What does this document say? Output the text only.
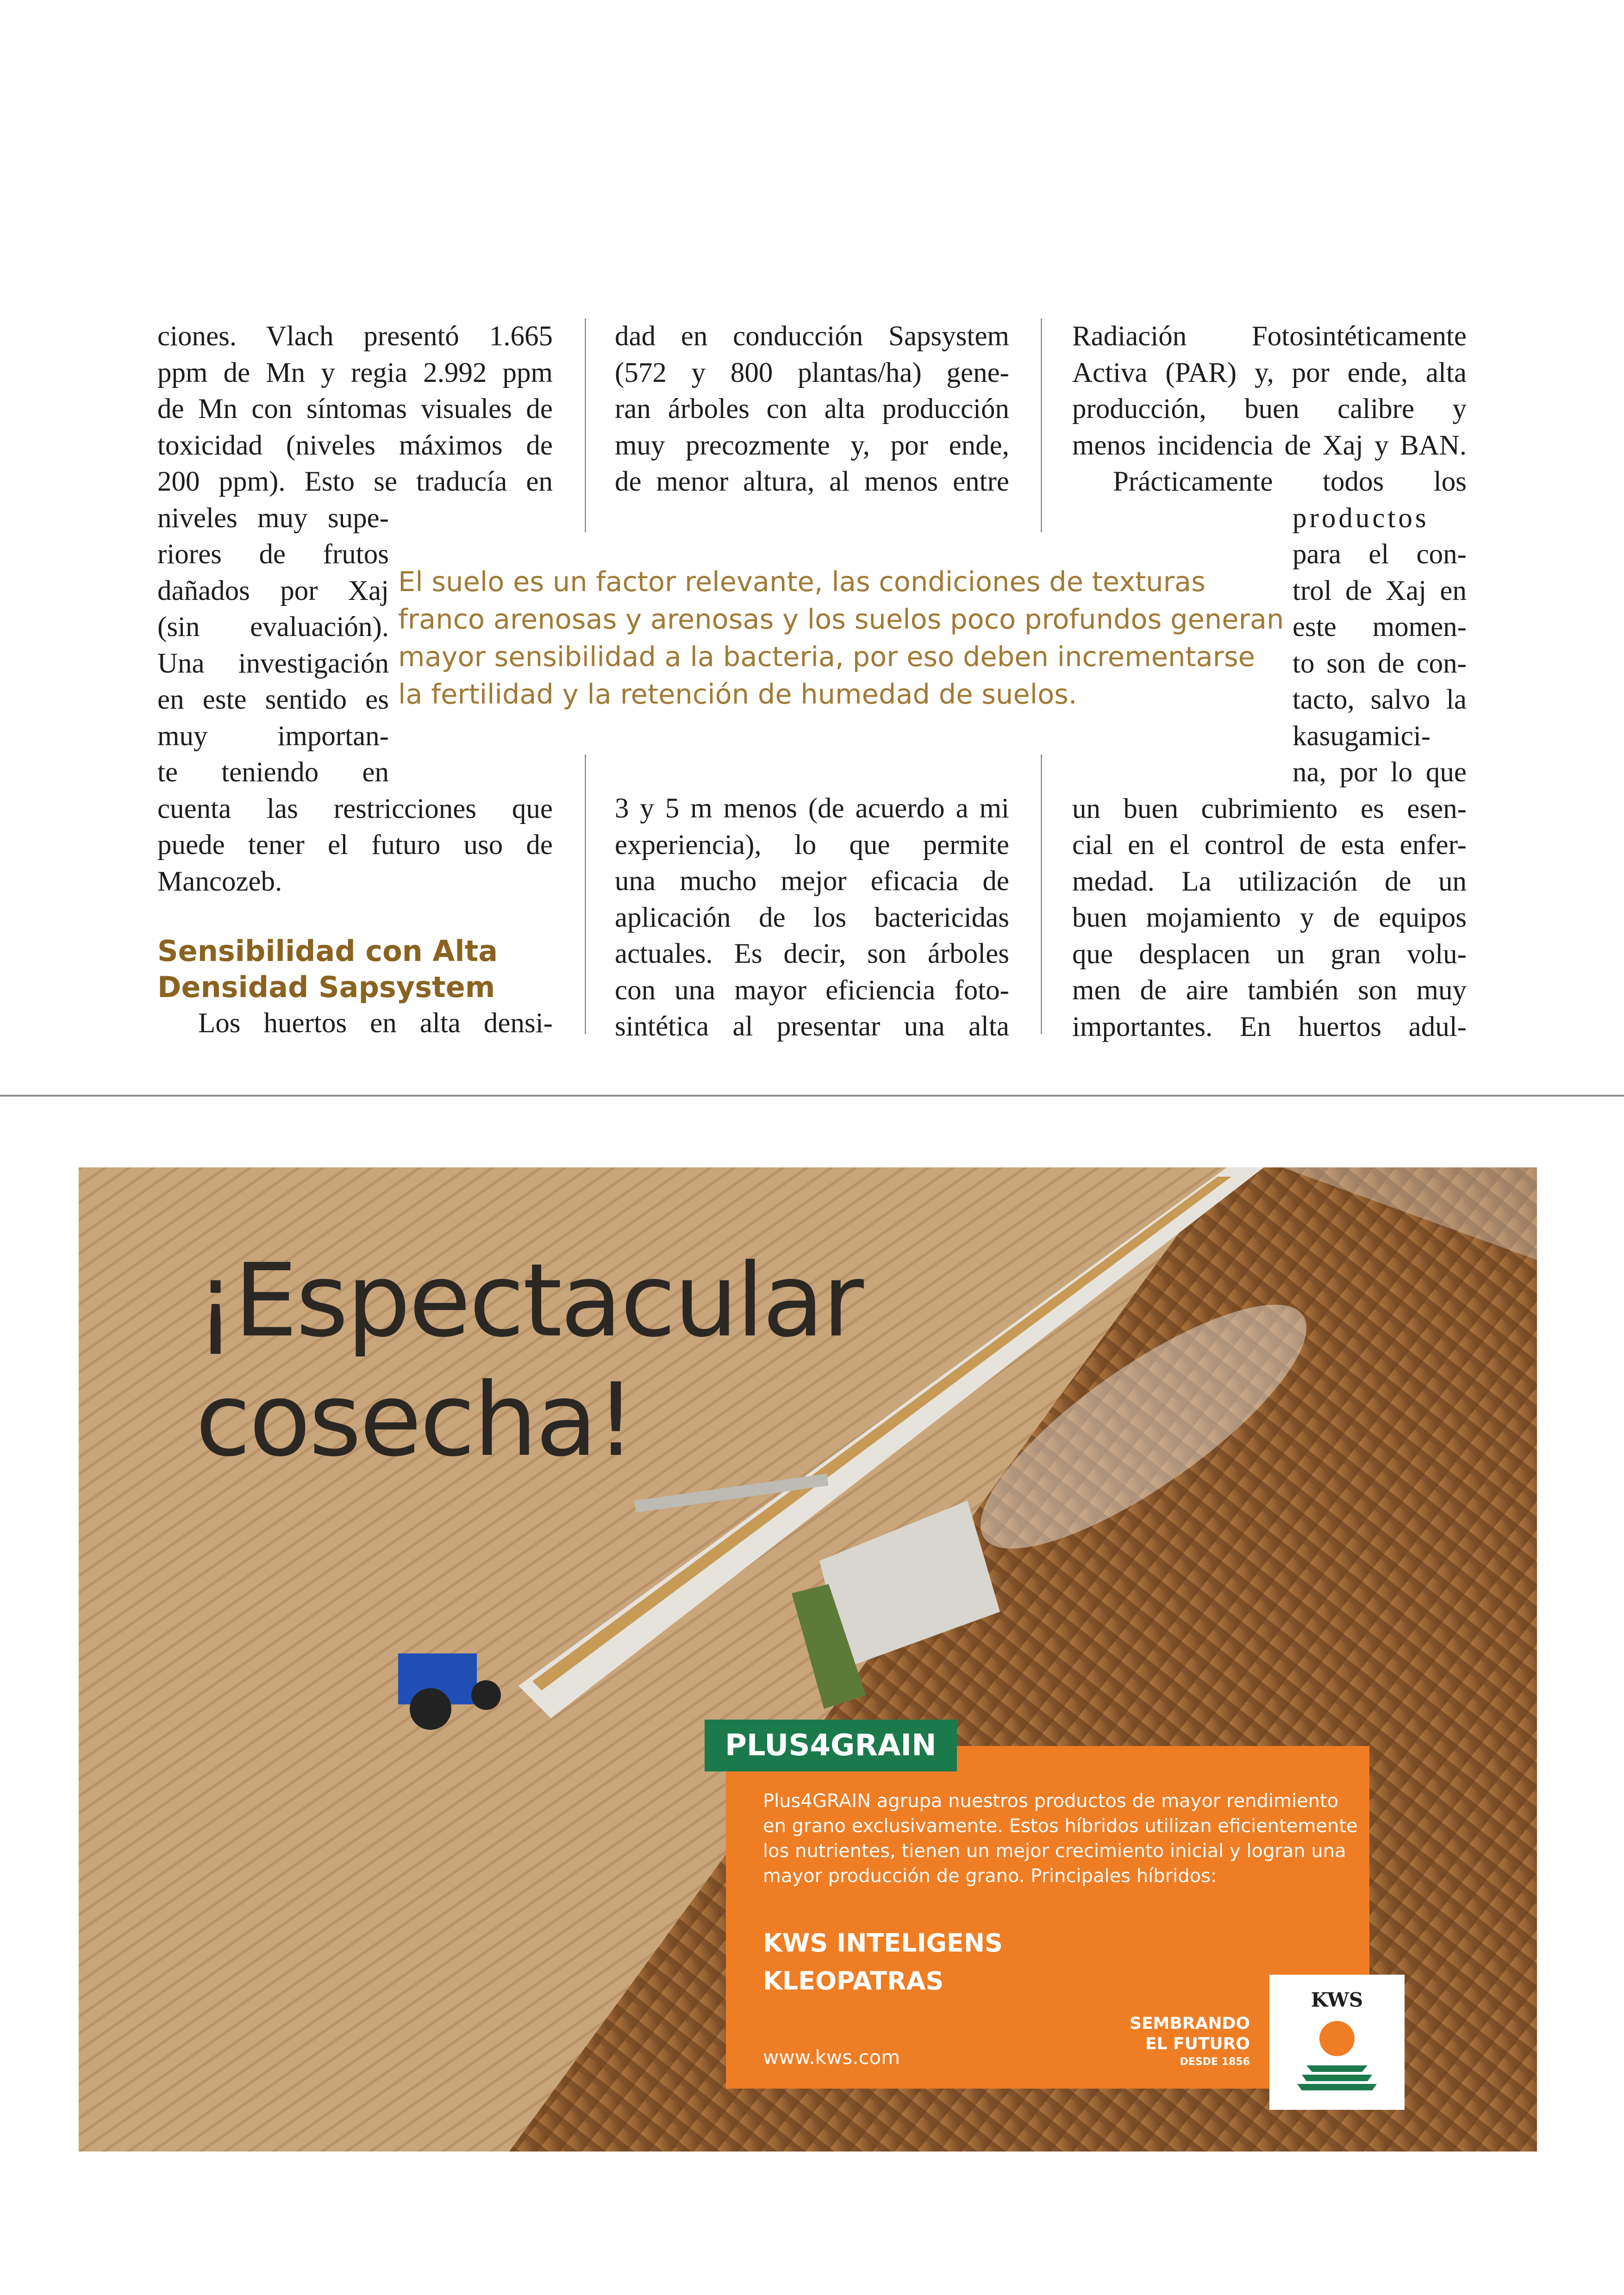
ciones. Vlach presentó 1.665
ppm de Mn y regia 2.992 ppm
de Mn con síntomas visuales de
toxicidad (niveles máximos de
200 ppm). Esto se traducía en
niveles muy supe-
riores de frutos
dañados por Xaj
(sin evaluación).
Una investigación
en este sentido es
muy importan-
te teniendo en
cuenta las restricciones que
puede tener el futuro uso de
Mancozeb.

Sensibilidad con Alta
Densidad Sapsystem

Los huertos en alta densi-
dad en conducción Sapsystem
(572 y 800 plantas/ha) gene-
ran árboles con alta producción
muy precozmente y, por ende,
de menor altura, al menos entre
3 y 5 m menos (de acuerdo a mi
experiencia), lo que permite
una mucho mejor eficacia de
aplicación de los bactericidas
actuales. Es decir, son árboles
con una mayor eficiencia foto-
sintética al presentar una alta
Radiación Fotosintéticamente
Activa (PAR) y, por ende, alta
producción, buen calibre y
menos incidencia de Xaj y BAN.
Prácticamente todos los
productos
para el con-
trol de Xaj en
este momen-
to son de con-
tacto, salvo la
kasugamici-
na, por lo que
un buen cubrimiento es esen-
cial en el control de esta enfer-
medad. La utilización de un
buen mojamiento y de equipos
que desplacen un gran volu-
men de aire también son muy
importantes. En huertos adul-
El suelo es un factor relevante, las condiciones de texturas
franco arenosas y arenosas y los suelos poco profundos generan
mayor sensibilidad a la bacteria, por eso deben incrementarse
la fertilidad y la retención de humedad de suelos.
¡Espectacular
cosecha!
Plus4GRAIN agrupa nuestros productos de mayor rendimiento
en grano exclusivamente. Estos híbridos utilizan eficientemente
los nutrientes, tienen un mejor crecimiento inicial y logran una
mayor producción de grano. Principales híbridos:
KWS INTELIGENS
KLEOPATRAS
www.kws.com
SEMBRANDO
EL FUTURO
DESDE 1856
PLUS4GRAIN
KWS
